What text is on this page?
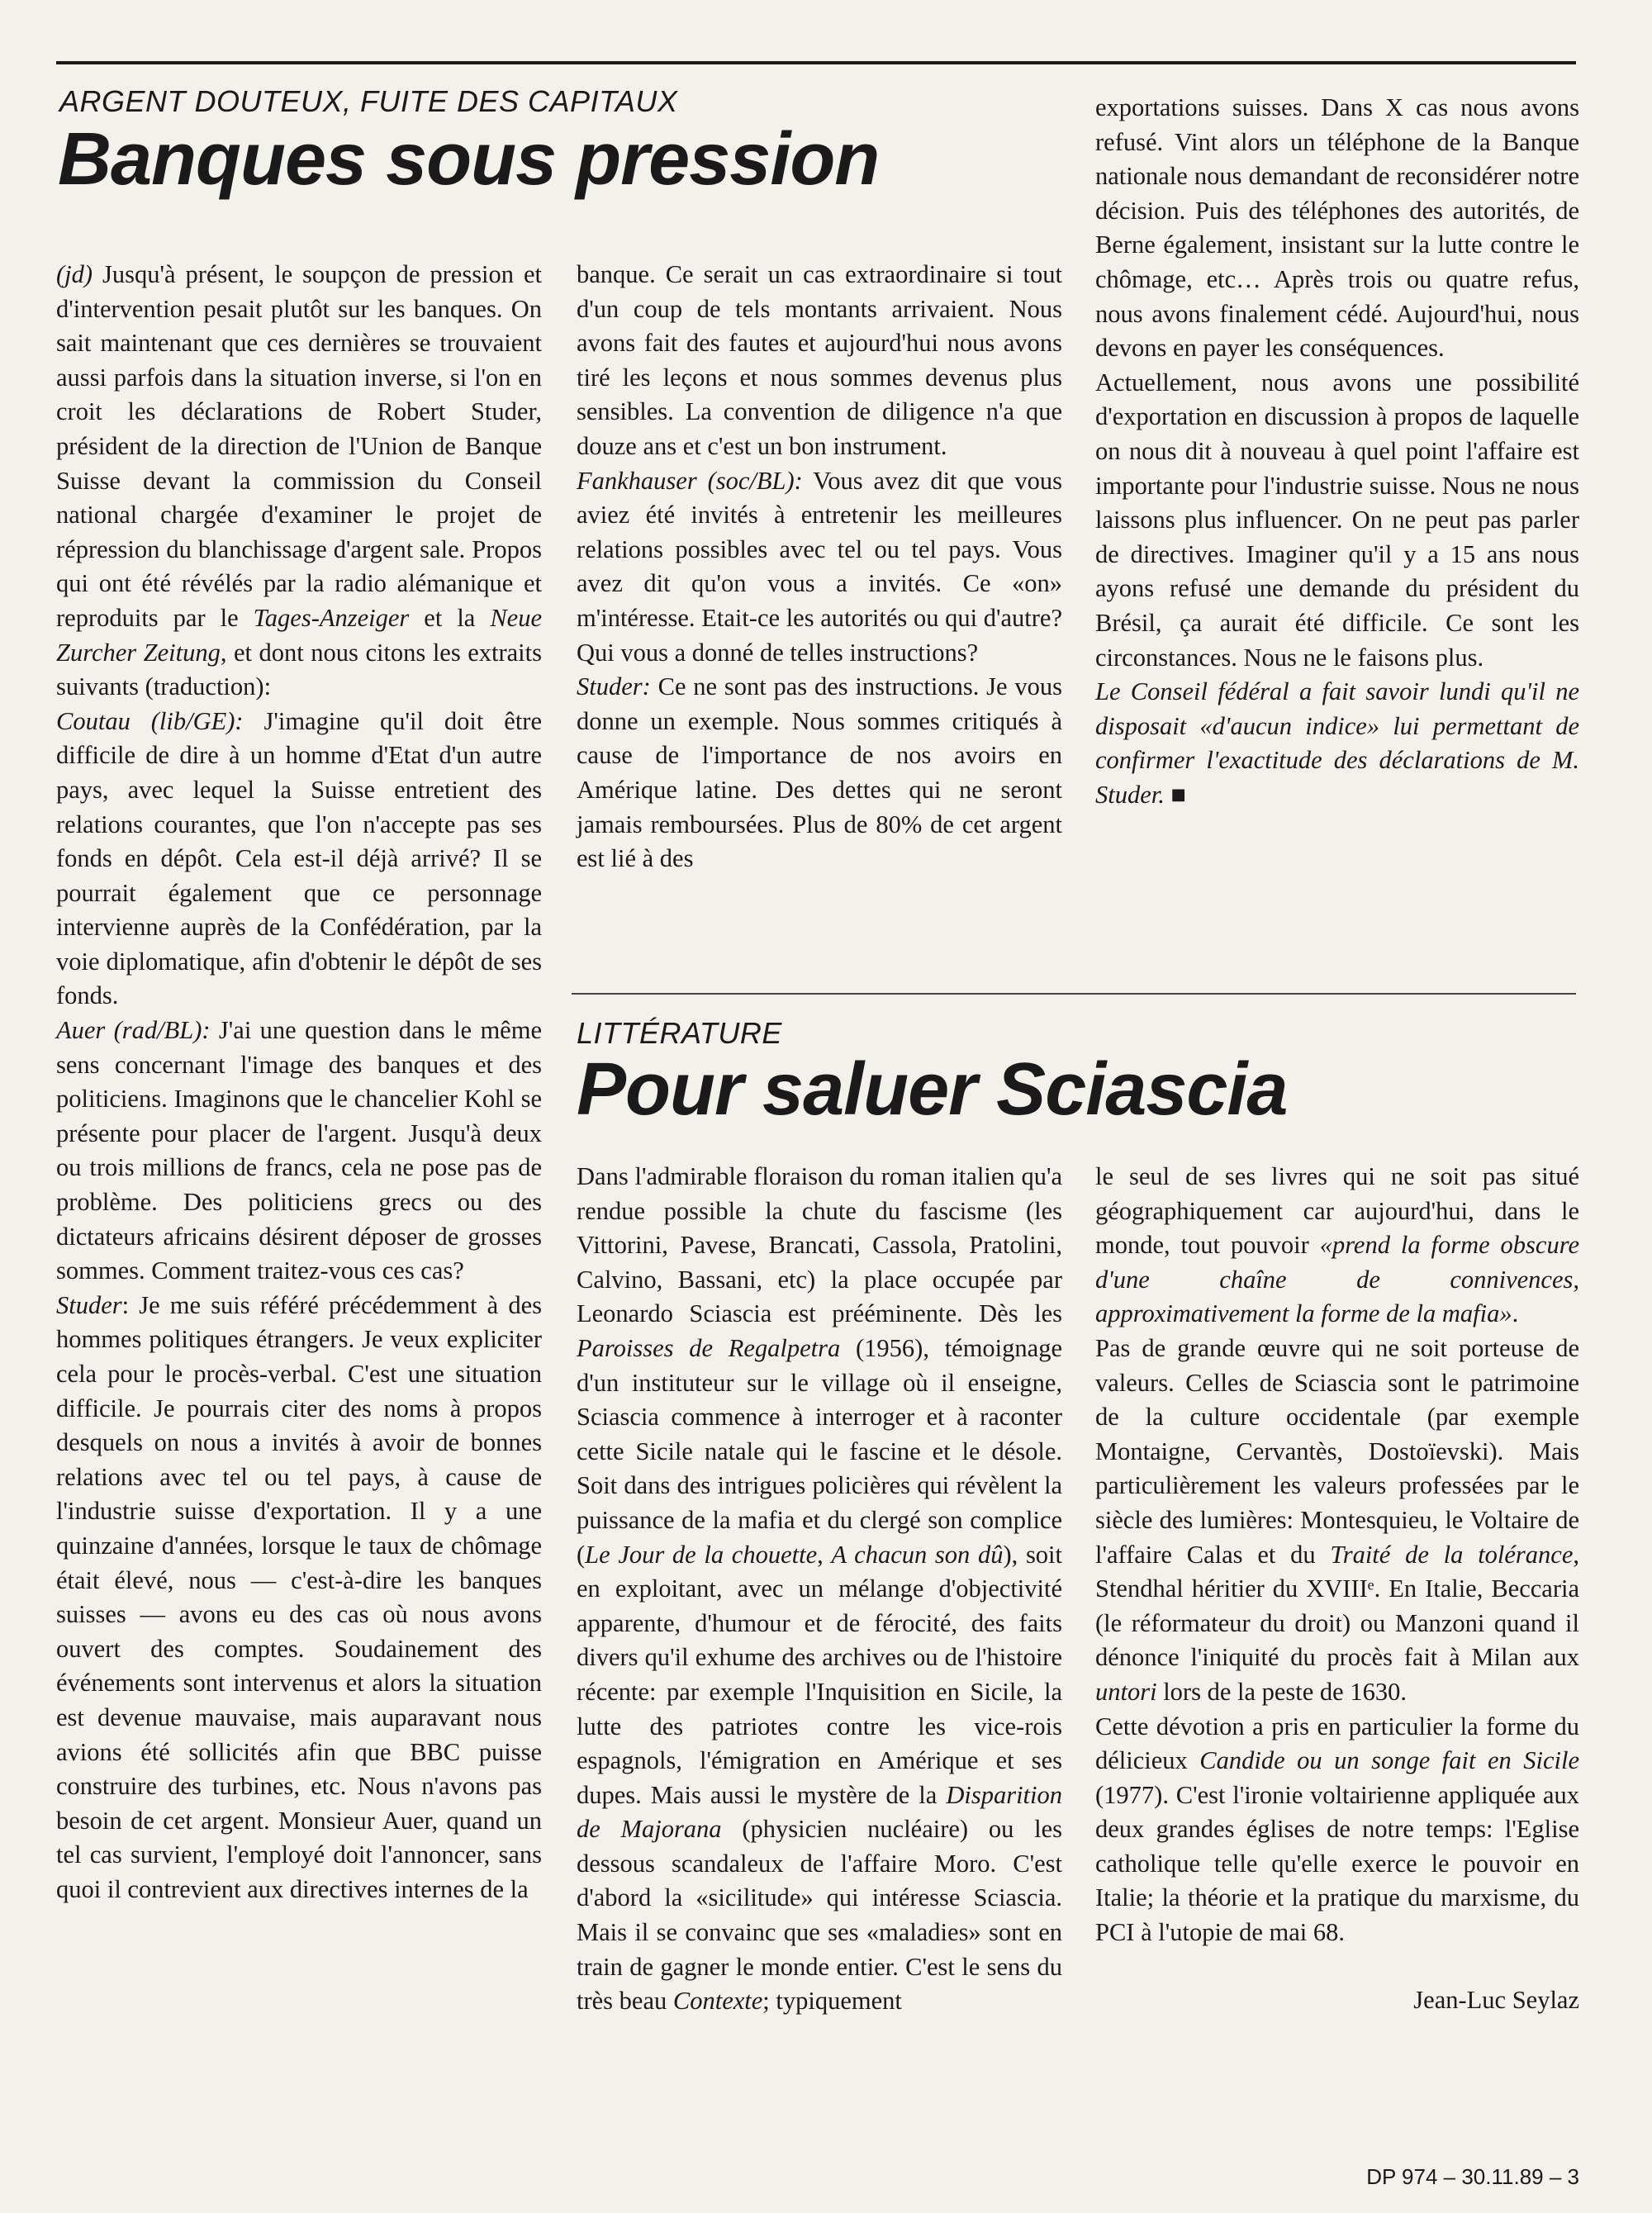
ARGENT DOUTEUX, FUITE DES CAPITAUX

Banques sous pression

(jd) Jusqu'à présent, le soupçon de pression et d'intervention pesait plutôt sur les banques. On sait maintenant que ces dernières se trouvaient aussi parfois dans la situation inverse, si l'on en croit les déclarations de Robert Studer, président de la direction de l'Union de Banque Suisse devant la commission du Conseil national chargée d'examiner le projet de répression du blanchissage d'argent sale. Propos qui ont été révélés par la radio alémanique et reproduits par le Tages-Anzeiger et la Neue Zurcher Zeitung, et dont nous citons les extraits suivants (traduction):

Coutau (lib/GE): J'imagine qu'il doit être difficile de dire à un homme d'Etat d'un autre pays, avec lequel la Suisse entretient des relations courantes, que l'on n'accepte pas ses fonds en dépôt. Cela est-il déjà arrivé? Il se pourrait également que ce personnage intervienne auprès de la Confédération, par la voie diplomatique, afin d'obtenir le dépôt de ses fonds.

Auer (rad/BL): J'ai une question dans le même sens concernant l'image des banques et des politiciens. Imaginons que le chancelier Kohl se présente pour placer de l'argent. Jusqu'à deux ou trois millions de francs, cela ne pose pas de problème. Des politiciens grecs ou des dictateurs africains désirent déposer de grosses sommes. Comment traitez-vous ces cas?

Studer: Je me suis référé précédemment à des hommes politiques étrangers. Je veux expliciter cela pour le procès-verbal. C'est une situation difficile. Je pourrais citer des noms à propos desquels on nous a invités à avoir de bonnes relations avec tel ou tel pays, à cause de l'industrie suisse d'exportation. Il y a une quinzaine d'années, lorsque le taux de chômage était élevé, nous — c'est-à-dire les banques suisses — avons eu des cas où nous avons ouvert des comptes. Soudainement des événements sont intervenus et alors la situation est devenue mauvaise, mais auparavant nous avions été sollicités afin que BBC puisse construire des turbines, etc. Nous n'avons pas besoin de cet argent. Monsieur Auer, quand un tel cas survient, l'employé doit l'annoncer, sans quoi il contrevient aux directives internes de la

banque. Ce serait un cas extraordinaire si tout d'un coup de tels montants arrivaient. Nous avons fait des fautes et aujourd'hui nous avons tiré les leçons et nous sommes devenus plus sensibles. La convention de diligence n'a que douze ans et c'est un bon instrument.

Fankhauser (soc/BL): Vous avez dit que vous aviez été invités à entretenir les meilleures relations possibles avec tel ou tel pays. Vous avez dit qu'on vous a invités. Ce «on» m'intéresse. Etait-ce les autorités ou qui d'autre? Qui vous a donné de telles instructions?

Studer: Ce ne sont pas des instructions. Je vous donne un exemple. Nous sommes critiqués à cause de l'importance de nos avoirs en Amérique latine. Des dettes qui ne seront jamais remboursées. Plus de 80% de cet argent est lié à des

exportations suisses. Dans X cas nous avons refusé. Vint alors un téléphone de la Banque nationale nous demandant de reconsidérer notre décision. Puis des téléphones des autorités, de Berne également, insistant sur la lutte contre le chômage, etc… Après trois ou quatre refus, nous avons finalement cédé. Aujourd'hui, nous devons en payer les conséquences.

Actuellement, nous avons une possibilité d'exportation en discussion à propos de laquelle on nous dit à nouveau à quel point l'affaire est importante pour l'industrie suisse. Nous ne nous laissons plus influencer. On ne peut pas parler de directives. Imaginer qu'il y a 15 ans nous ayons refusé une demande du président du Brésil, ça aurait été difficile. Ce sont les circonstances. Nous ne le faisons plus.

Le Conseil fédéral a fait savoir lundi qu'il ne disposait «d'aucun indice» lui permettant de confirmer l'exactitude des déclarations de M. Studer. ■

LITTÉRATURE

Pour saluer Sciascia

Dans l'admirable floraison du roman italien qu'a rendue possible la chute du fascisme (les Vittorini, Pavese, Brancati, Cassola, Pratolini, Calvino, Bassani, etc) la place occupée par Leonardo Sciascia est prééminente. Dès les Paroisses de Regalpetra (1956), témoignage d'un instituteur sur le village où il enseigne, Sciascia commence à interroger et à raconter cette Sicile natale qui le fascine et le désole. Soit dans des intrigues policières qui révèlent la puissance de la mafia et du clergé son complice (Le Jour de la chouette, A chacun son dû), soit en exploitant, avec un mélange d'objectivité apparente, d'humour et de férocité, des faits divers qu'il exhume des archives ou de l'histoire récente: par exemple l'Inquisition en Sicile, la lutte des patriotes contre les vice-rois espagnols, l'émigration en Amérique et ses dupes. Mais aussi le mystère de la Disparition de Majorana (physicien nucléaire) ou les dessous scandaleux de l'affaire Moro. C'est d'abord la «sicilitude» qui intéresse Sciascia. Mais il se convainc que ses «maladies» sont en train de gagner le monde entier. C'est le sens du très beau Contexte; typiquement

le seul de ses livres qui ne soit pas situé géographiquement car aujourd'hui, dans le monde, tout pouvoir «prend la forme obscure d'une chaîne de connivences, approximativement la forme de la mafia».

Pas de grande œuvre qui ne soit porteuse de valeurs. Celles de Sciascia sont le patrimoine de la culture occidentale (par exemple Montaigne, Cervantès, Dostoïevski). Mais particulièrement les valeurs professées par le siècle des lumières: Montesquieu, le Voltaire de l'affaire Calas et du Traité de la tolérance, Stendhal héritier du XVIIIᵉ. En Italie, Beccaria (le réformateur du droit) ou Manzoni quand il dénonce l'iniquité du procès fait à Milan aux untori lors de la peste de 1630.

Cette dévotion a pris en particulier la forme du délicieux Candide ou un songe fait en Sicile (1977). C'est l'ironie voltairienne appliquée aux deux grandes églises de notre temps: l'Eglise catholique telle qu'elle exerce le pouvoir en Italie; la théorie et la pratique du marxisme, du PCI à l'utopie de mai 68.

Jean-Luc Seylaz

DP 974 – 30.11.89 – 3
